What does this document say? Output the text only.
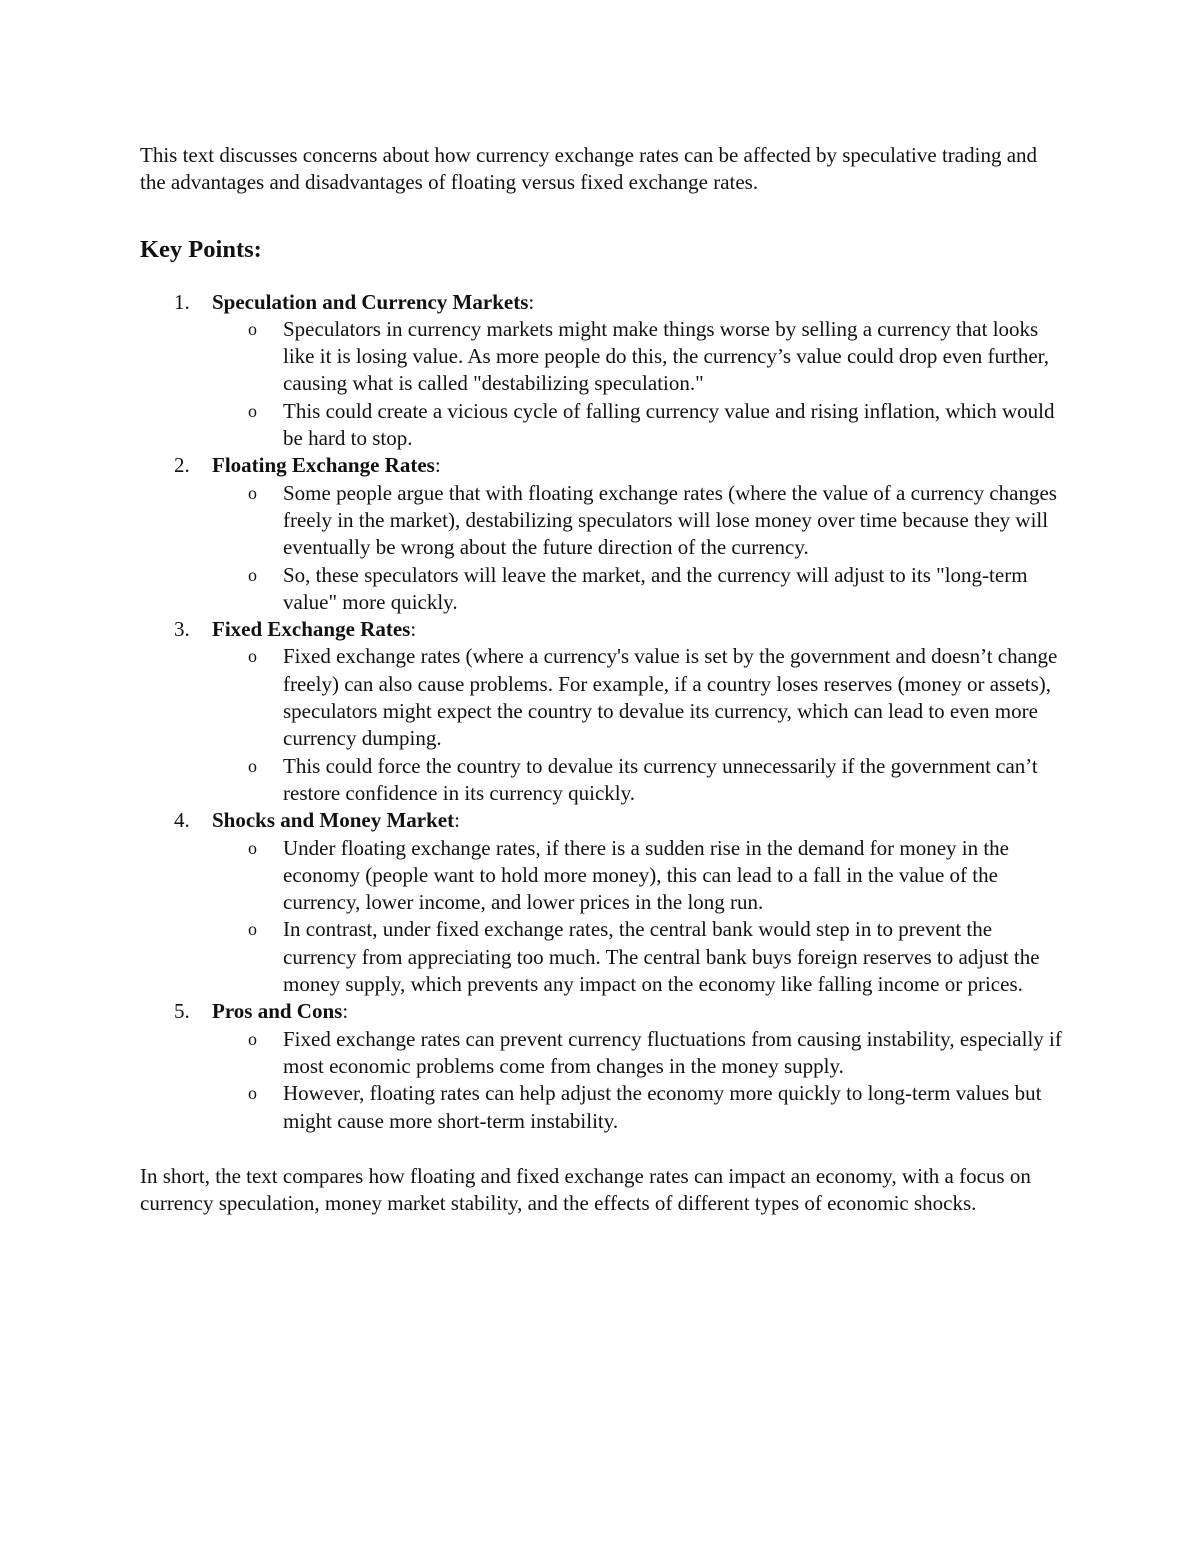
This text discusses concerns about how currency exchange rates can be affected by speculative trading and the advantages and disadvantages of floating versus fixed exchange rates.

Key Points:
1. Speculation and Currency Markets:
o Speculators in currency markets might make things worse by selling a currency that looks like it is losing value. As more people do this, the currency’s value could drop even further, causing what is called "destabilizing speculation."
o This could create a vicious cycle of falling currency value and rising inflation, which would be hard to stop.
2. Floating Exchange Rates:
o Some people argue that with floating exchange rates (where the value of a currency changes freely in the market), destabilizing speculators will lose money over time because they will eventually be wrong about the future direction of the currency.
o So, these speculators will leave the market, and the currency will adjust to its "long-term value" more quickly.
3. Fixed Exchange Rates:
o Fixed exchange rates (where a currency's value is set by the government and doesn’t change freely) can also cause problems. For example, if a country loses reserves (money or assets), speculators might expect the country to devalue its currency, which can lead to even more currency dumping.
o This could force the country to devalue its currency unnecessarily if the government can’t restore confidence in its currency quickly.
4. Shocks and Money Market:
o Under floating exchange rates, if there is a sudden rise in the demand for money in the economy (people want to hold more money), this can lead to a fall in the value of the currency, lower income, and lower prices in the long run.
o In contrast, under fixed exchange rates, the central bank would step in to prevent the currency from appreciating too much. The central bank buys foreign reserves to adjust the money supply, which prevents any impact on the economy like falling income or prices.
5. Pros and Cons:
o Fixed exchange rates can prevent currency fluctuations from causing instability, especially if most economic problems come from changes in the money supply.
o However, floating rates can help adjust the economy more quickly to long-term values but might cause more short-term instability.

In short, the text compares how floating and fixed exchange rates can impact an economy, with a focus on currency speculation, money market stability, and the effects of different types of economic shocks.
